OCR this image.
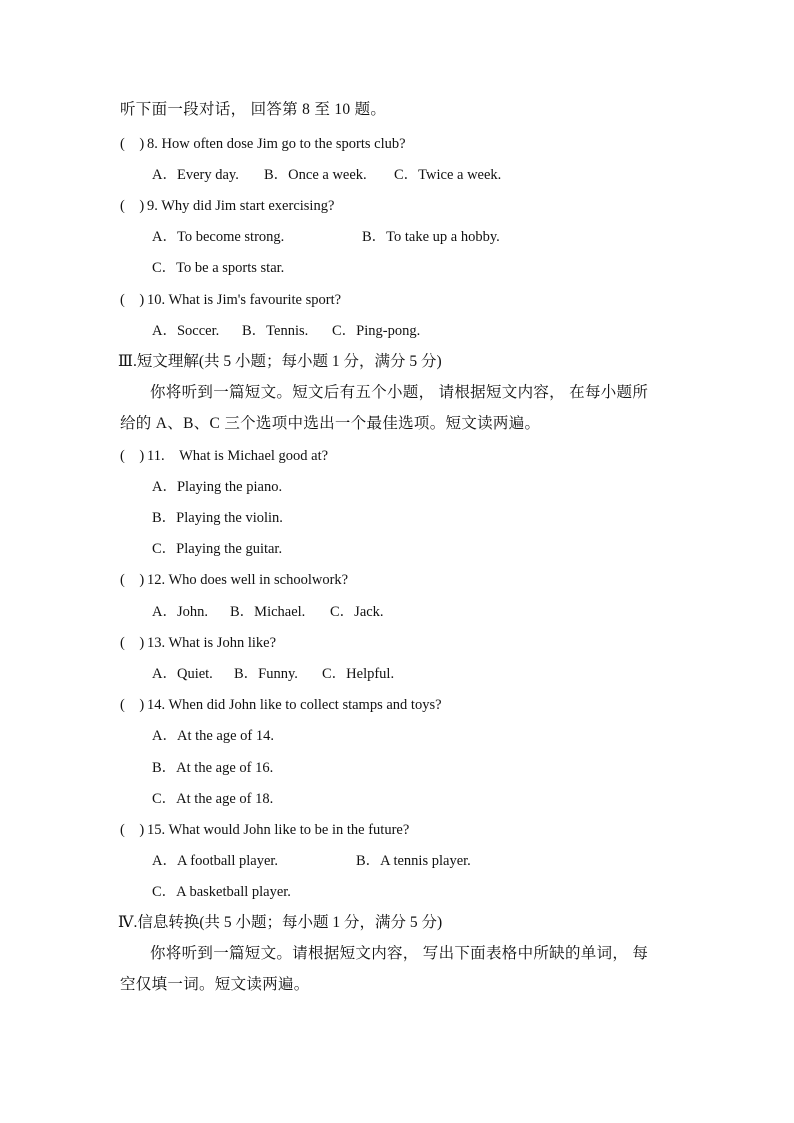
听下面一段对话， 回答第 8 至 10 题。
(　) 8. How often dose Jim go to the sports club?
A．Every day. B．Once a week. C．Twice a week.
(　) 9. Why did Jim start exercising?
A．To become strong.	B．To take up a hobby.
C．To be a sports star.
(　) 10. What is Jim's favourite sport?
A．Soccer. B．Tennis. C．Ping-pong.
Ⅲ.短文理解(共 5 小题；每小题 1 分，满分 5 分)
你将听到一篇短文。短文后有五个小题， 请根据短文内容， 在每小题所
给的 A、B、C 三个选项中选出一个最佳选项。短文读两遍。
(　) 11.　What is Michael good at?
A．Playing the piano.
B．Playing the violin.
C．Playing the guitar.
(　) 12. Who does well in schoolwork?
A．John. B．Michael. C．Jack.
(　) 13. What is John like?
A．Quiet. B．Funny. C．Helpful.
(　) 14. When did John like to collect stamps and toys?
A．At the age of 14.
B．At the age of 16.
C．At the age of 18.
(　) 15. What would John like to be in the future?
A．A football player.	B．A tennis player.
C．A basketball player.
Ⅳ.信息转换(共 5 小题；每小题 1 分，满分 5 分)
你将听到一篇短文。请根据短文内容， 写出下面表格中所缺的单词， 每
空仅填一词。短文读两遍。
